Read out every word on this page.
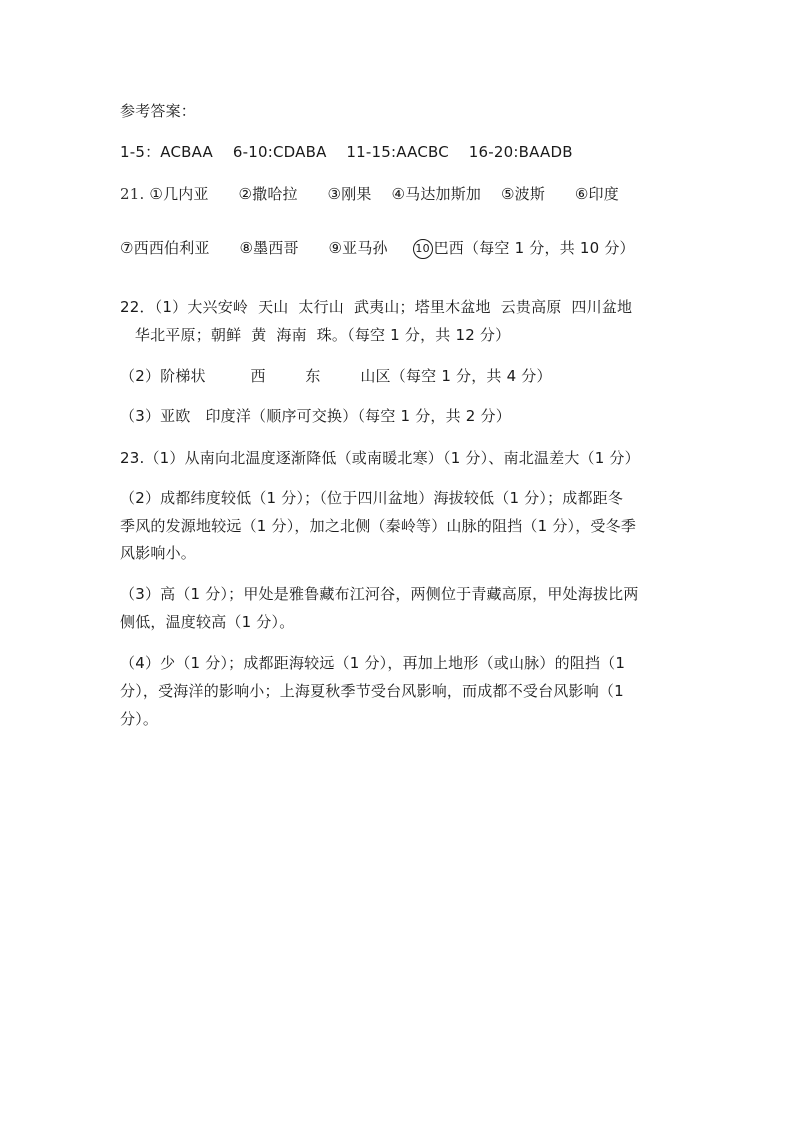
参考答案：
1-5：ACBAA    6-10:CDABA    11-15:AACBC    16-20:BAADB
21. ①几内亚      ②撒哈拉      ③刚果    ④马达加斯加    ⑤波斯      ⑥印度
⑦西西伯利亚      ⑧墨西哥      ⑨亚马孙     10 巴西（每空 1 分，共 10 分）
22．（1）大兴安岭  天山  太行山  武夷山；塔里木盆地  云贵高原  四川盆地
华北平原；朝鲜  黄  海南  珠。（每空 1 分，共 12 分）
（2）阶梯状         西        东        山区（每空 1 分，共 4 分）
（3）亚欧   印度洋（顺序可交换）（每空 1 分，共 2 分）
23.（1）从南向北温度逐渐降低（或南暖北寒）（1 分）、南北温差大（1 分）
（2）成都纬度较低（1 分）；（位于四川盆地）海拔较低（1 分）；成都距冬
季风的发源地较远（1 分），加之北侧（秦岭等）山脉的阻挡（1 分），受冬季
风影响小。
（3）高（1 分）；甲处是雅鲁藏布江河谷，两侧位于青藏高原，甲处海拔比两
侧低，温度较高（1 分）。
（4）少（1 分）；成都距海较远（1 分），再加上地形（或山脉）的阻挡（1
分），受海洋的影响小；上海夏秋季节受台风影响，而成都不受台风影响（1
分）。
